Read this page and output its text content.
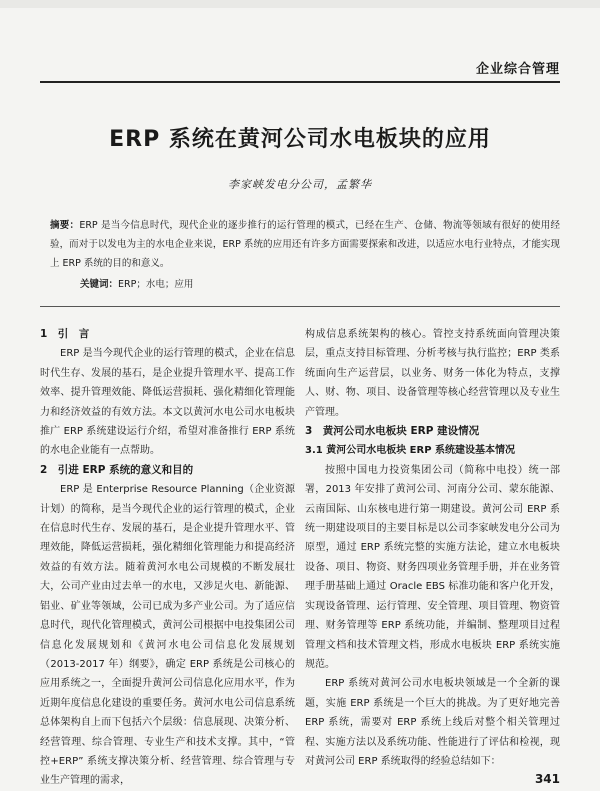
企业综合管理
ERP 系统在黄河公司水电板块的应用
李家峡发电分公司，孟繁华
摘要：ERP 是当今信息时代，现代企业的逐步推行的运行管理的模式，已经在生产、仓储、物流等领域有很好的使用经验，而对于以发电为主的水电企业来说，ERP 系统的应用还有许多方面需要探索和改进，以适应水电行业特点，才能实现上 ERP 系统的目的和意义。
关键词：ERP；水电；应用
1　引　言

ERP 是当今现代企业的运行管理的模式，企业在信息时代生存、发展的基石，是企业提升管理水平、提高工作效率、提升管理效能、降低运营损耗、强化精细化管理能力和经济效益的有效方法。本文以黄河水电公司水电板块推广 ERP 系统建设运行介绍，希望对准备推行 ERP 系统的水电企业能有一点帮助。

2　引进 ERP 系统的意义和目的

ERP 是 Enterprise Resource Planning（企业资源计划）的简称，是当今现代企业的运行管理的模式，企业在信息时代生存、发展的基石，是企业提升管理水平、管理效能，降低运营损耗，强化精细化管理能力和提高经济效益的有效方法。随着黄河水电公司规模的不断发展壮大，公司产业由过去单一的水电，又涉足火电、新能源、铝业、矿业等领域，公司已成为多产业公司。为了适应信息时代，现代化管理模式，黄河公司根据中电投集团公司信息化发展规划和《黄河水电公司信息化发展规划（2013-2017 年）纲要》，确定 ERP 系统是公司核心的应用系统之一，全面提升黄河公司信息化应用水平，作为近期年度信息化建设的重要任务。黄河水电公司信息系统总体架构自上而下包括六个层级：信息展现、决策分析、经营管理、综合管理、专业生产和技术支撑。其中，“管控+ERP” 系统支撑决策分析、经营管理、综合管理与专业生产管理的需求，

构成信息系统架构的核心。管控支持系统面向管理决策层，重点支持目标管理、分析考核与执行监控；ERP 类系统面向生产运营层，以业务、财务一体化为特点，支撑人、财、物、项目、设备管理等核心经营管理以及专业生产管理。

3　黄河公司水电板块 ERP 建设情况
3.1 黄河公司水电板块 ERP 系统建设基本情况

按照中国电力投资集团公司（简称中电投）统一部署，2013 年安排了黄河公司、河南分公司、蒙东能源、云南国际、山东核电进行第一期建设。黄河公司 ERP 系统一期建设项目的主要目标是以公司李家峡发电分公司为原型，通过 ERP 系统完整的实施方法论，建立水电板块设备、项目、物资、财务四项业务管理手册，并在业务管理手册基础上通过 Oracle EBS 标准功能和客户化开发，实现设备管理、运行管理、安全管理、项目管理、物资管理、财务管理等 ERP 系统功能，并编制、整理项目过程管理文档和技术管理文档，形成水电板块 ERP 系统实施规范。

ERP 系统对黄河公司水电板块领域是一个全新的课题，实施 ERP 系统是一个巨大的挑战。为了更好地完善 ERP 系统，需要对 ERP 系统上线后对整个相关管理过程、实施方法以及系统功能、性能进行了评估和检视，现对黄河公司 ERP 系统取得的经验总结如下：

341
